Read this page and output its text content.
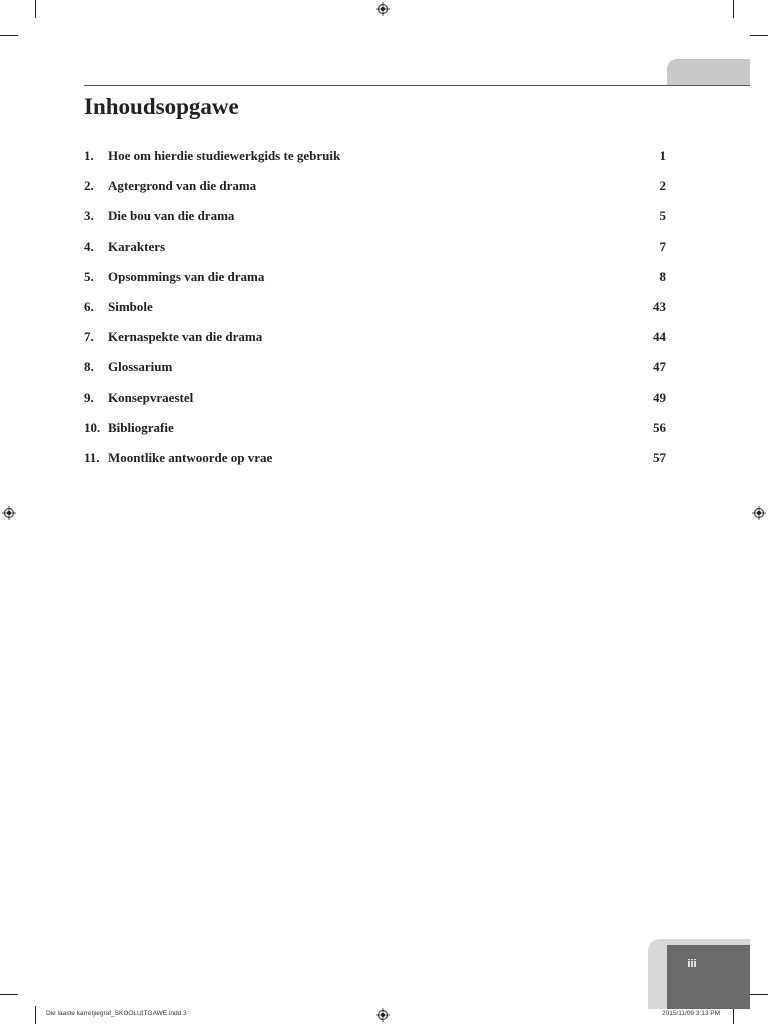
Inhoudsopgawe
1.	Hoe om hierdie studiewerkgids te gebruik	1
2.	Agtergrond van die drama	2
3.	Die bou van die drama	5
4.	Karakters	7
5.	Opsommings van die drama	8
6.	Simbole	43
7.	Kernaspekte van die drama	44
8.	Glossarium	47
9.	Konsepvraestel	49
10. Bibliografie	56
11. Moontlike antwoorde op vrae	57
iii
Die laaste karretjiegraf_SKOOLUITGAWE.indd 3	2015/11/09 3:13 PM
